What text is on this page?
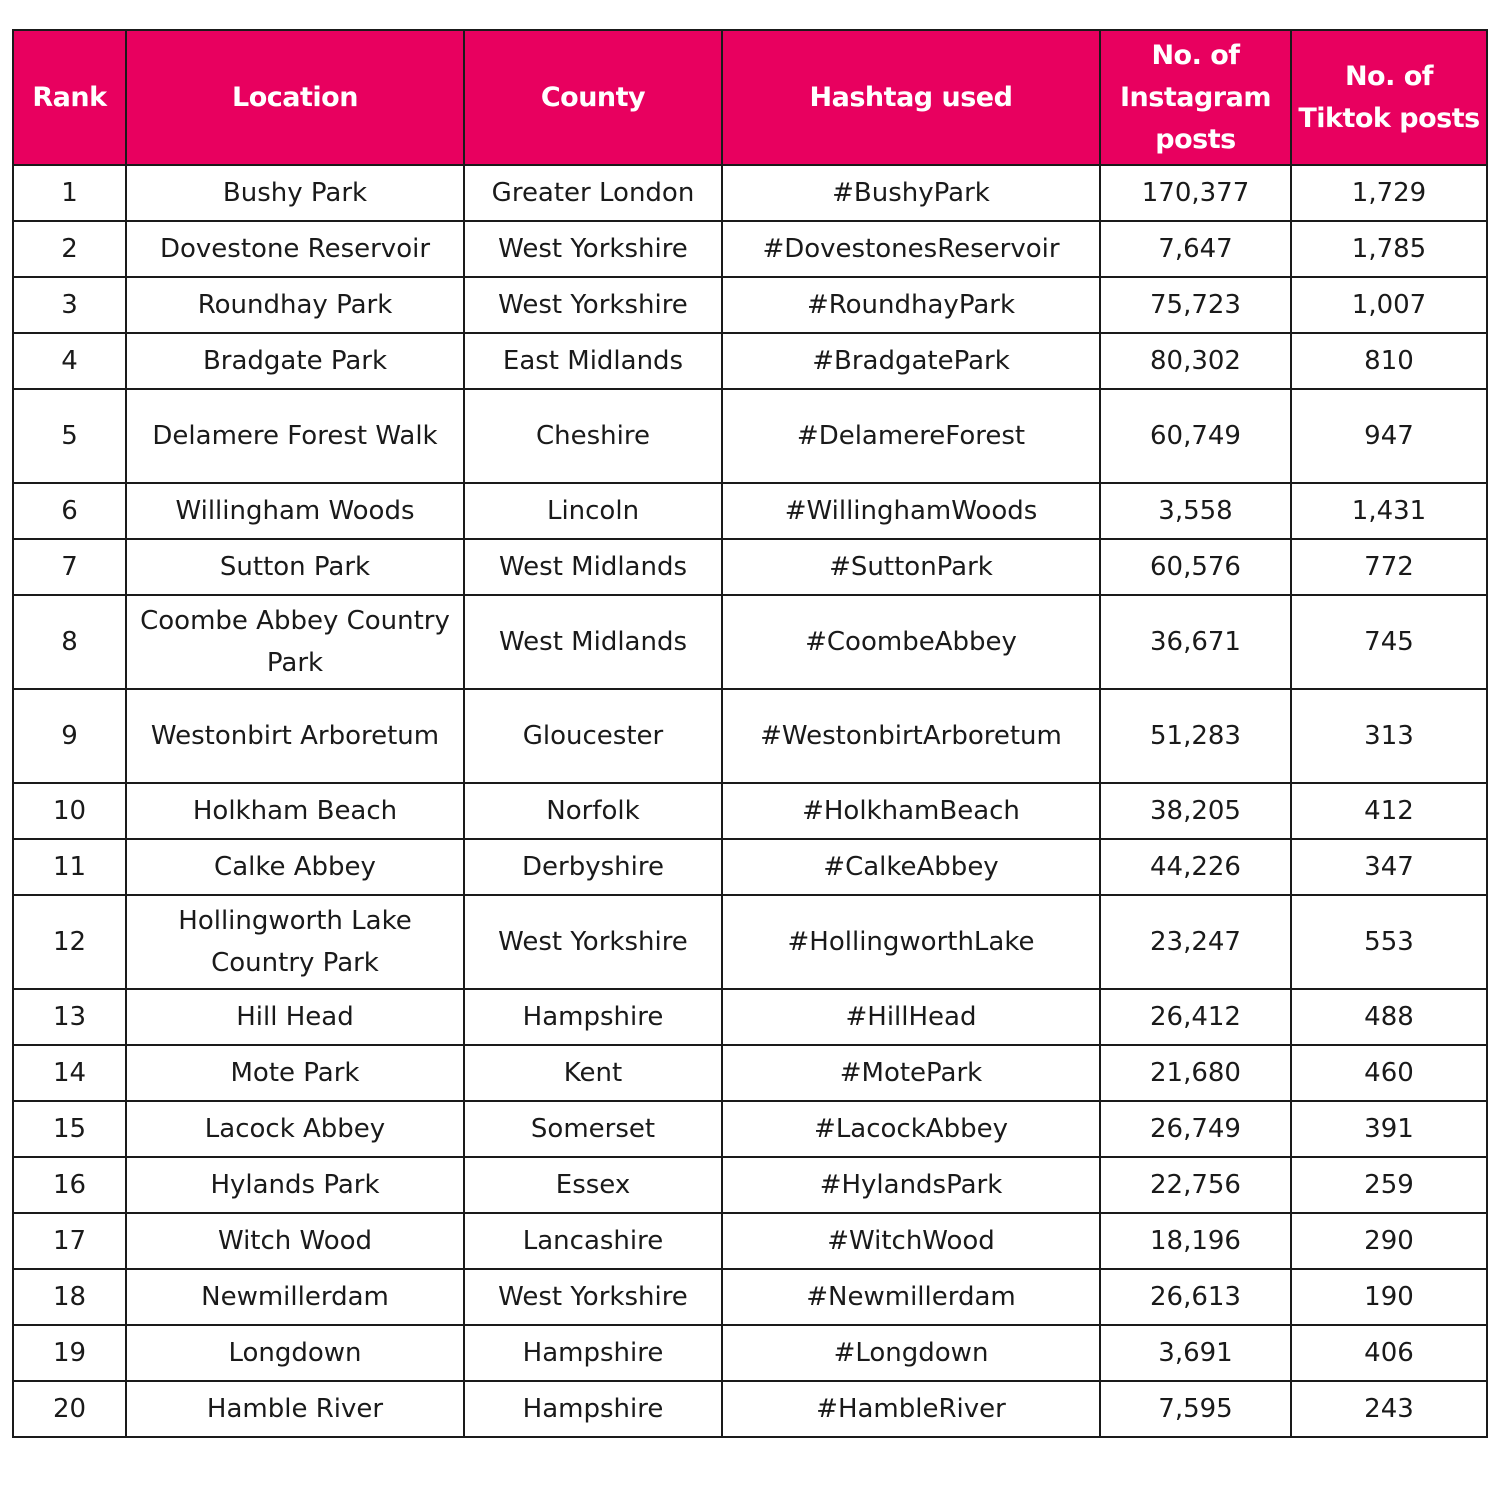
Rank	Location	County	Hashtag used	No. of Instagram posts	No. of Tiktok posts
1	Bushy Park	Greater London	#BushyPark	170,377	1,729
2	Dovestone Reservoir	West Yorkshire	#DovestonesReservoir	7,647	1,785
3	Roundhay Park	West Yorkshire	#RoundhayPark	75,723	1,007
4	Bradgate Park	East Midlands	#BradgatePark	80,302	810
5	Delamere Forest Walk	Cheshire	#DelamereForest	60,749	947
6	Willingham Woods	Lincoln	#WillinghamWoods	3,558	1,431
7	Sutton Park	West Midlands	#SuttonPark	60,576	772
8	Coombe Abbey Country Park	West Midlands	#CoombeAbbey	36,671	745
9	Westonbirt Arboretum	Gloucester	#WestonbirtArboretum	51,283	313
10	Holkham Beach	Norfolk	#HolkhamBeach	38,205	412
11	Calke Abbey	Derbyshire	#CalkeAbbey	44,226	347
12	Hollingworth Lake Country Park	West Yorkshire	#HollingworthLake	23,247	553
13	Hill Head	Hampshire	#HillHead	26,412	488
14	Mote Park	Kent	#MotePark	21,680	460
15	Lacock Abbey	Somerset	#LacockAbbey	26,749	391
16	Hylands Park	Essex	#HylandsPark	22,756	259
17	Witch Wood	Lancashire	#WitchWood	18,196	290
18	Newmillerdam	West Yorkshire	#Newmillerdam	26,613	190
19	Longdown	Hampshire	#Longdown	3,691	406
20	Hamble River	Hampshire	#HambleRiver	7,595	243
